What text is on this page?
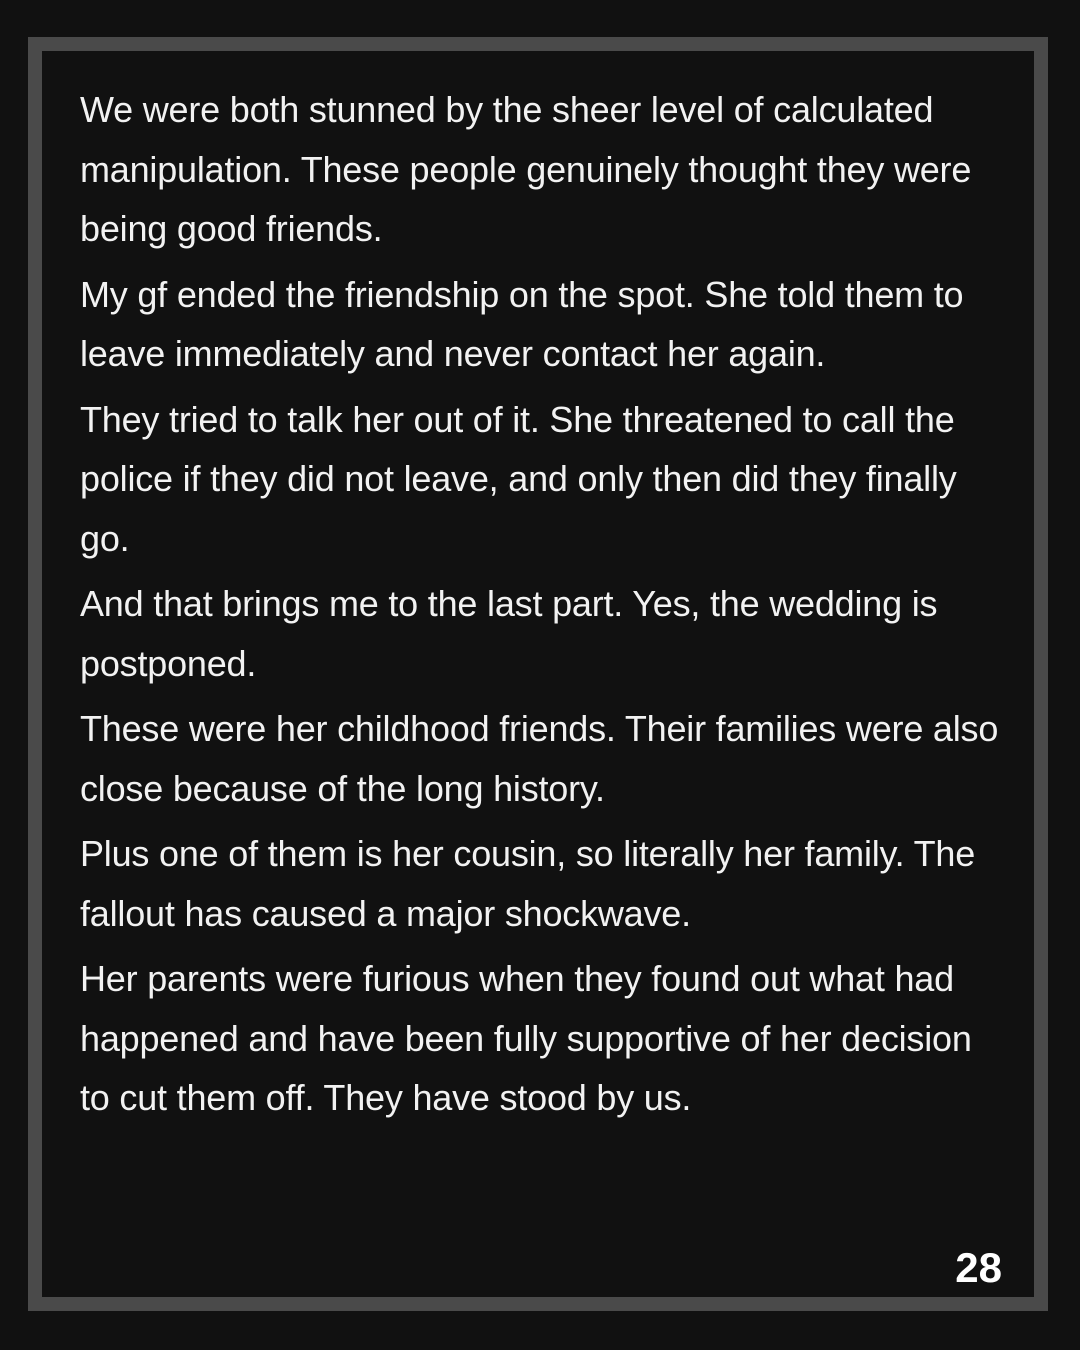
We were both stunned by the sheer level of calculated manipulation. These people genuinely thought they were being good friends.

My gf ended the friendship on the spot. She told them to leave immediately and never contact her again.

They tried to talk her out of it. She threatened to call the police if they did not leave, and only then did they finally go.

And that brings me to the last part. Yes, the wedding is postponed.

These were her childhood friends. Their families were also close because of the long history.

Plus one of them is her cousin, so literally her family. The fallout has caused a major shockwave.

Her parents were furious when they found out what had happened and have been fully supportive of her decision to cut them off. They have stood by us.

28
